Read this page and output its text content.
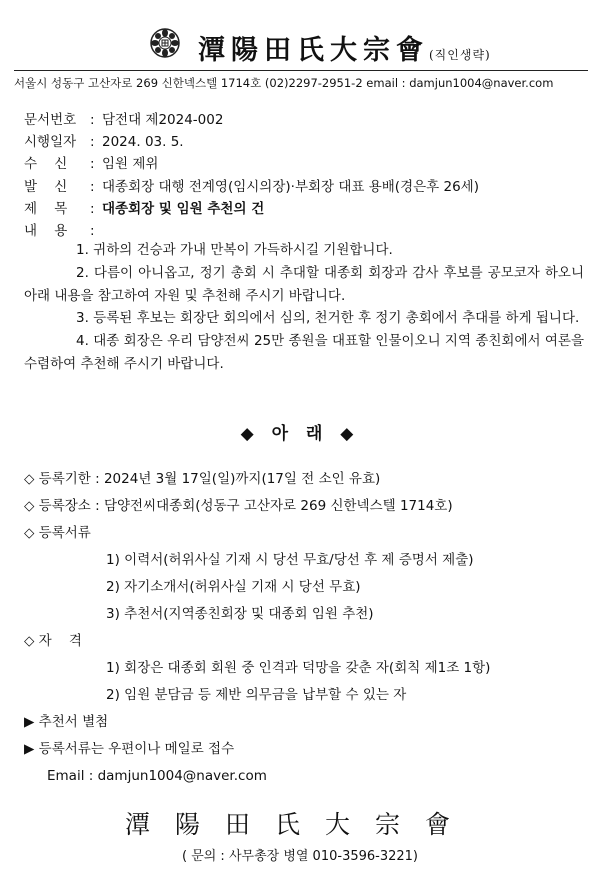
潭陽田氏大宗會(직인생략)
서울시 성동구 고산자로 269 신한넥스텔 1714호 (02)2297-2951-2 email : damjun1004@naver.com
문서번호	: 담전대 제2024-002
시행일자	: 2024. 03. 5.
수    신	: 임원 제위
발    신	: 대종회장 대행 전계영(임시의장)·부회장 대표 용배(경은후 26세)
제    목	: 대종회장 및 임원 추천의 건
내    용	:
1. 귀하의 건승과 가내 만복이 가득하시길 기원합니다.
2. 다름이 아니옵고, 정기 총회 시 추대할 대종회 회장과 감사 후보를 공모코자 하오니 아래 내용을 참고하여 자원 및 추천해 주시기 바랍니다.
3. 등록된 후보는 회장단 회의에서 심의, 천거한 후 정기 총회에서 추대를 하게 됩니다.
4. 대종 회장은 우리 담양전씨 25만 종원을 대표할 인물이오니 지역 종친회에서 여론을 수렴하여 추천해 주시기 바랍니다.
◆ 아 래 ◆
◇ 등록기한 : 2024년 3월 17일(일)까지(17일 전 소인 유효)
◇ 등록장소 : 담양전씨대종회(성동구 고산자로 269 신한넥스텔 1714호)
◇ 등록서류
1) 이력서(허위사실 기재 시 당선 무효/당선 후 제 증명서 제출)
2) 자기소개서(허위사실 기재 시 당선 무효)
3) 추천서(지역종친회장 및 대종회 임원 추천)
◇ 자    격
1) 회장은 대종회 회원 중 인격과 덕망을 갖춘 자(회칙 제1조 1항)
2) 임원 분담금 등 제반 의무금을 납부할 수 있는 자
▶ 추천서 별첨
▶ 등록서류는 우편이나 메일로 접수
Email : damjun1004@naver.com
潭陽田氏大宗會
( 문의 : 사무총장 병열 010-3596-3221)
